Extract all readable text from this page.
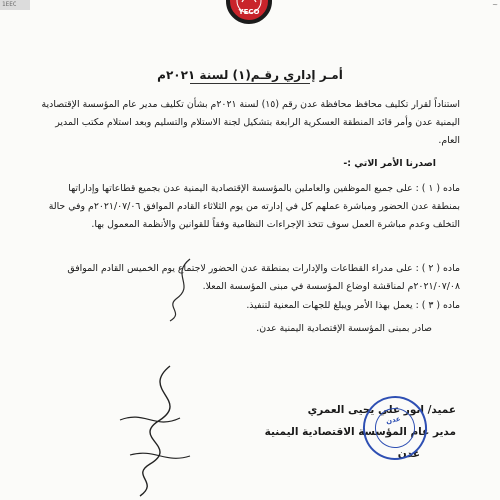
1EEC	~
YECO
أمـر إداري رقـم(١) لسنة ٢٠٢١م
استناداً لقرار تكليف محافظ محافظة عدن رقم (١٥) لسنة ٢٠٢١م بشأن تكليف مدير عام المؤسسة الإقتصادية اليمنية عدن وأمر قائد المنطقة العسكرية الرابعة بتشكيل لجنة الاستلام والتسليم وبعد استلام مكتب المدير العام.
اصدرنا الأمر الاتي :-
ماده ( ١ ) : على جميع الموظفين والعاملين بالمؤسسة الإقتصادية اليمنية عدن بجميع قطاعاتها وإداراتها بمنطقة عدن الحضور ومباشرة عملهم كل في إدارته من يوم الثلاثاء القادم الموافق ٢٠٢١/٠٧/٠٦م وفي حالة التخلف وعدم مباشرة العمل سوف تتخذ الإجراءات النظامية وفقاً للقوانين والأنظمة المعمول بها.
ماده ( ٢ ) : على مدراء القطاعات والإدارات بمنطقة عدن الحضور لاجتماع يوم الخميس القادم الموافق ٢٠٢١/٠٧/٠٨م لمناقشة اوضاع المؤسسة في مبنى المؤسسة المعلا.
ماده ( ٣ ) : يعمل بهذا الأمر ويبلغ للجهات المعنية لتنفيذ.
صادر بمبنى المؤسسة الإقتصادية اليمنية عدن.
عميد/ انور علي يحيى العمري
مدير عام المؤسسة الاقتصادية اليمنية
عدن
عدن
